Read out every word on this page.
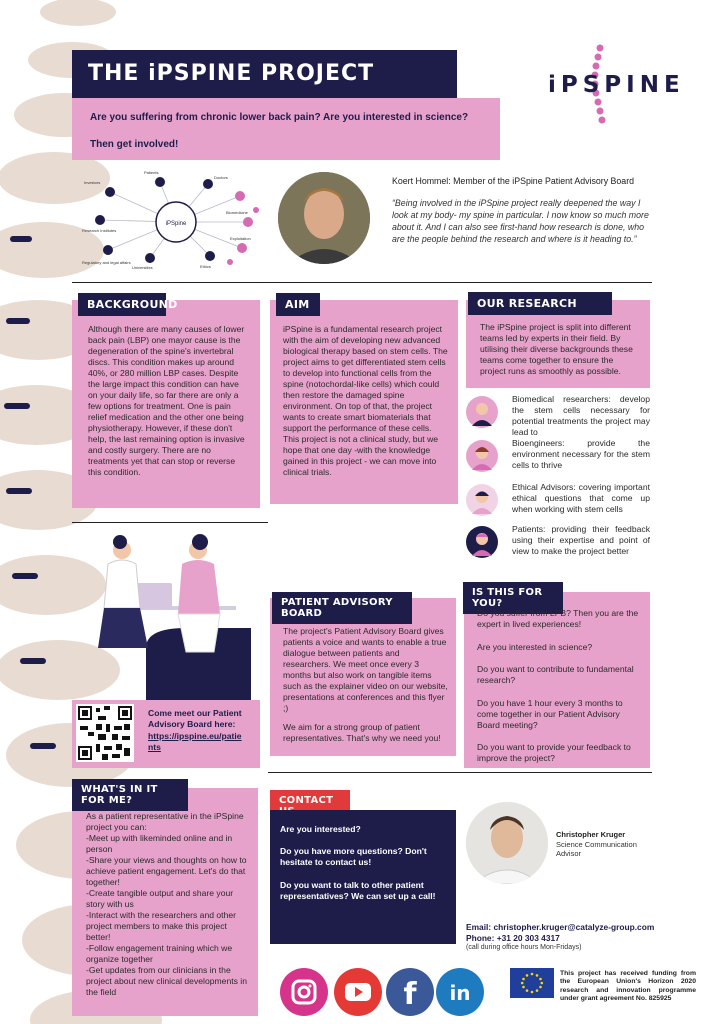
THE iPSPINE PROJECT	iPSPINE
Are you suffering from chronic lower back pain? Are you interested in science?
Then get involved!
iPSpine
Investors
Patients
Doctors
Biomedicine
Research Institutes
Regulatory and legal affairs
Universities	Ethics
Exploitation
Koert Hommel: Member of the iPSpine Patient Advisory Board
“Being involved in the iPSpine project really deepened the way I look at my body- my spine in particular. I now know so much more about it. And I can also see first-hand how research is done, who are the people behind the research and where is it heading to.”
BACKGROUND
Although there are many causes of lower back pain (LBP) one mayor cause is the degeneration of the spine's invertebral discs. This condition makes up around 40%, or 280 million LBP cases. Despite the large impact this condition can have on your daily life, so far there are only a few options for treatment. One is pain relief medication and the other one being physiotherapy. However, if these don't help, the last remaining option is invasive and costly surgery. There are no treatments yet that can stop or reverse this condition.
AIM
iPSpine is a fundamental research project with the aim of developing new advanced biological therapy based on stem cells. The project aims to get differentiated stem cells to develop into functional cells from the spine (notochordal-like cells) which could then restore the damaged spine environment. On top of that, the project wants to create smart biomaterials that support the performance of these cells. This project is not a clinical study, but we hope that one day -with the knowledge gained in this project - we can move into clinical trials.
OUR RESEARCH
The iPSpine project is split into different teams led by experts in their field. By utilising their diverse backgrounds these teams come together to ensure the project runs as smoothly as possible.
Biomedical researchers: develop the stem cells necessary for potential treatments the project may lead to
Bioengineers: provide the environment necessary for the stem cells to thrive
Ethical Advisors: covering important ethical questions that come up when working with stem cells
Patients: providing their feedback using their expertise and point of view to make the project better
Come meet our Patient Advisory Board here:
https://ipspine.eu/patients
PATIENT ADVISORY BOARD
The project's Patient Advisory Board gives patients a voice and wants to enable a true dialogue between patients and researchers. We meet once every 3 months but also work on tangible items such as the explainer video on our website, presentations at conferences and this flyer ;)
We aim for a strong group of patient representatives. That's why we need you!
IS THIS FOR YOU?
Do you suffer from LPB? Then you are the expert in lived experiences!
Are you interested in science?
Do you want to contribute to fundamental research?
Do you have 1 hour every 3 months to come together in our Patient Advisory Board meeting?
Do you want to provide your feedback to improve the project?
WHAT'S IN IT FOR ME?
As a patient representative in the iPSpine project you can:
-Meet up with likeminded online and in person
-Share your views and thoughts on how to achieve patient engagement. Let's do that together!
-Create tangible output and share your story with us
-Interact with the researchers and other project members to make this project better!
-Follow engagement training which we organize together
-Get updates from our clinicians in the project about new clinical developments in the field
CONTACT
Are you interested?
Do you have more questions? Don't hesitate to contact us!
Do you want to talk to other patient representatives? We can set up a call!
Christopher Kruger
Science Communication Advisor
Email: christopher.kruger@catalyze-group.com
Phone: +31 20 303 4317
(call during office hours Mon-Fridays)
f in
This project has received funding from the European Union's Horizon 2020 research and innovation programme under grant agreement No. 825925
